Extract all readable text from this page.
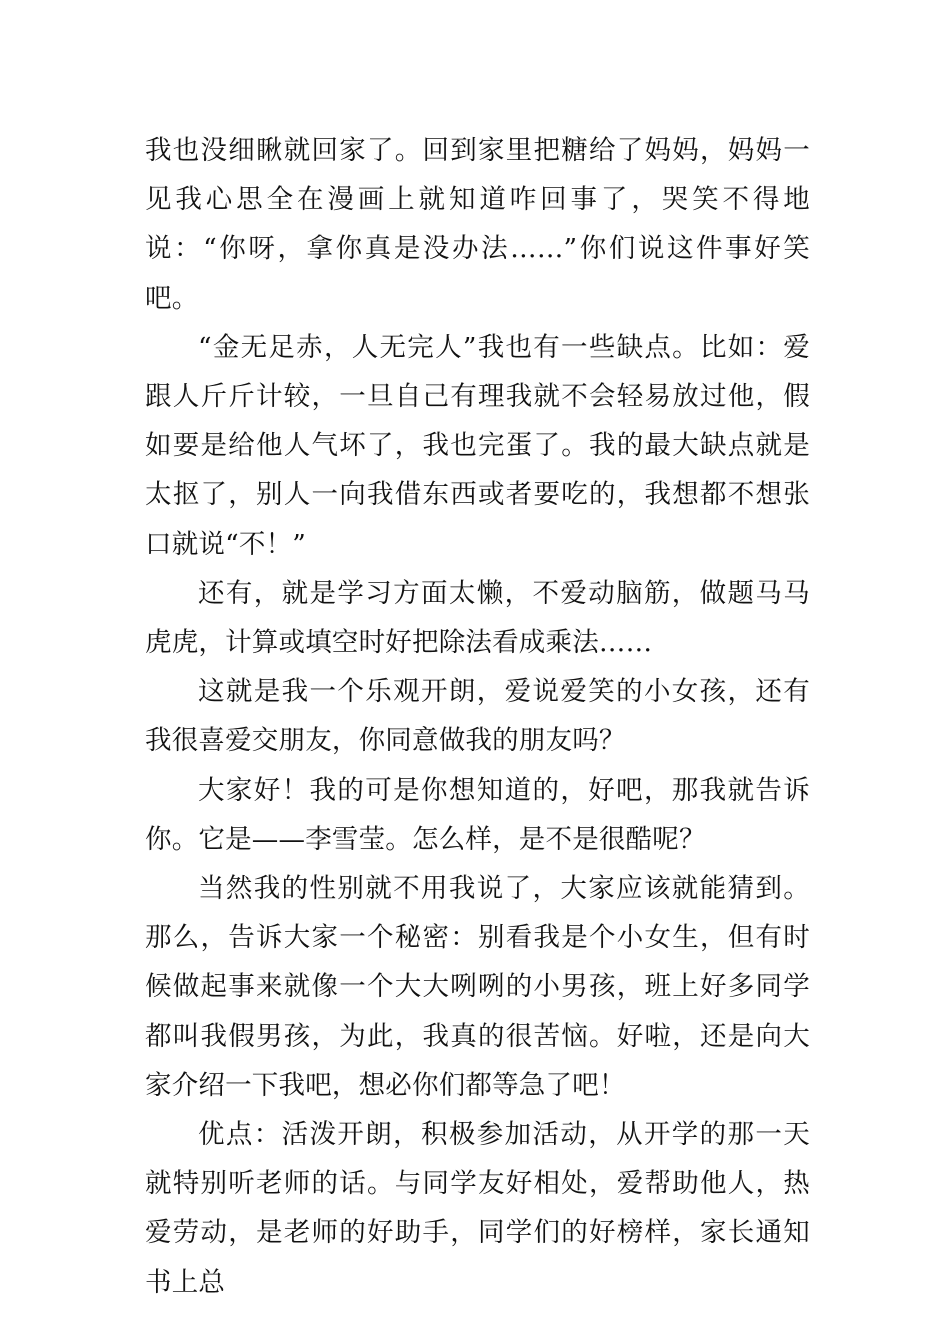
我也没细瞅就回家了。回到家里把糖给了妈妈，妈妈一见我心思全在漫画上就知道咋回事了，哭笑不得地说：“你呀，拿你真是没办法……”你们说这件事好笑吧。

“金无足赤，人无完人”我也有一些缺点。比如：爱跟人斤斤计较，一旦自己有理我就不会轻易放过他，假如要是给他人气坏了，我也完蛋了。我的最大缺点就是太抠了，别人一向我借东西或者要吃的，我想都不想张口就说“不！”

还有，就是学习方面太懒，不爱动脑筋，做题马马虎虎，计算或填空时好把除法看成乘法……

这就是我一个乐观开朗，爱说爱笑的小女孩，还有我很喜爱交朋友，你同意做我的朋友吗？

大家好！我的可是你想知道的，好吧，那我就告诉你。它是——李雪莹。怎么样，是不是很酷呢？

当然我的性别就不用我说了，大家应该就能猜到。那么，告诉大家一个秘密：别看我是个小女生，但有时候做起事来就像一个大大咧咧的小男孩，班上好多同学都叫我假男孩，为此，我真的很苦恼。好啦，还是向大家介绍一下我吧，想必你们都等急了吧！

优点：活泼开朗，积极参加活动，从开学的那一天就特别听老师的话。与同学友好相处，爱帮助他人，热爱劳动，是老师的好助手，同学们的好榜样，家长通知书上总
